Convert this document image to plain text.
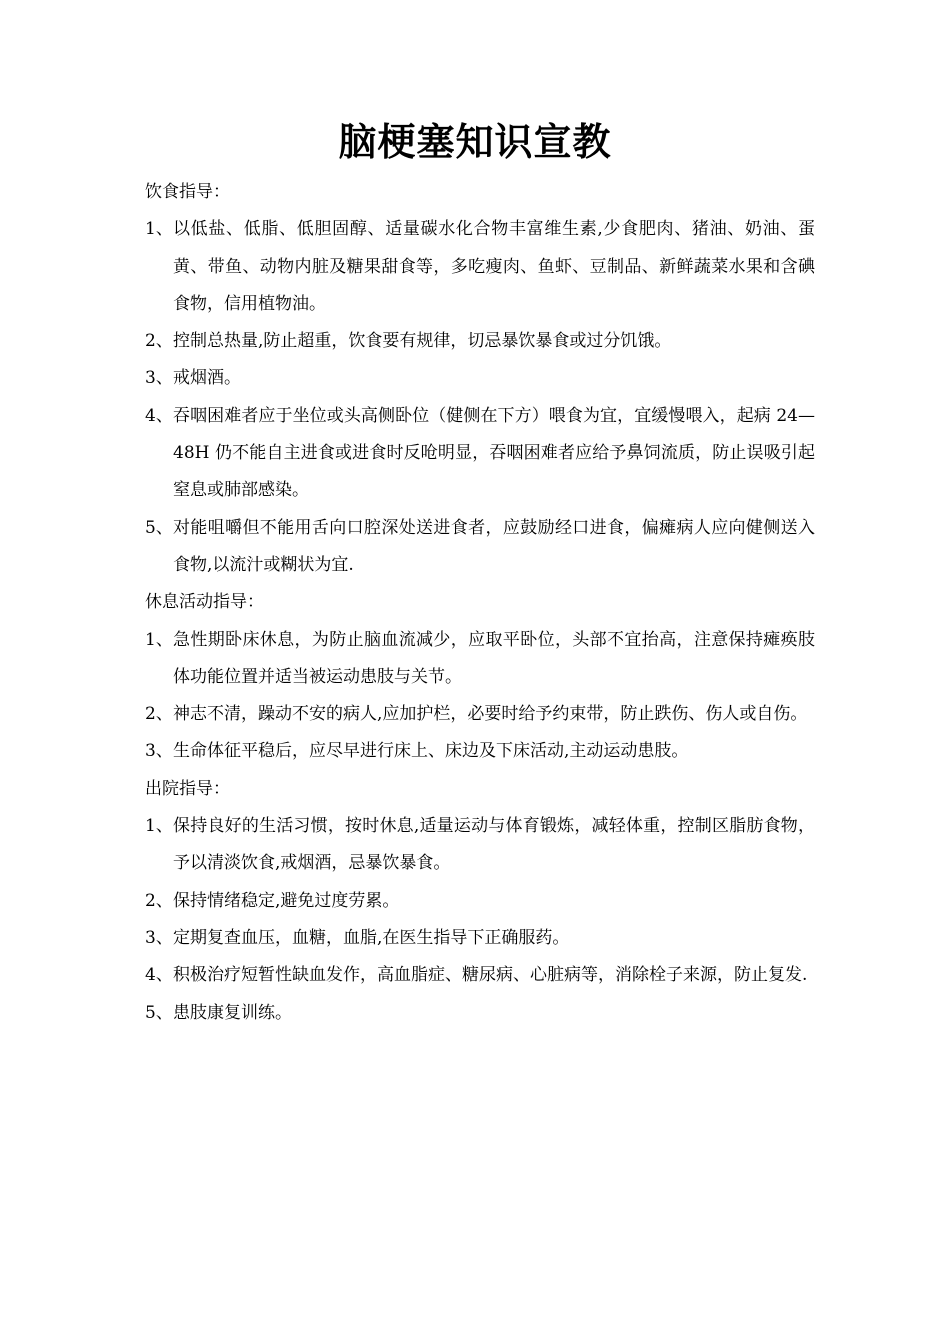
脑梗塞知识宣教

饮食指导：

1、 以低盐、低脂、低胆固醇、适量碳水化合物丰富维生素,少食肥肉、猪油、奶油、蛋黄、带鱼、动物内脏及糖果甜食等，多吃瘦肉、鱼虾、豆制品、新鲜蔬菜水果和含碘食物，信用植物油。
2、 控制总热量,防止超重，饮食要有规律，切忌暴饮暴食或过分饥饿。
3、 戒烟酒。
4、 吞咽困难者应于坐位或头高侧卧位（健侧在下方）喂食为宜，宜缓慢喂入，起病 24—48H 仍不能自主进食或进食时反呛明显，吞咽困难者应给予鼻饲流质，防止误吸引起窒息或肺部感染。
5、 对能咀嚼但不能用舌向口腔深处送进食者，应鼓励经口进食，偏瘫病人应向健侧送入食物,以流汁或糊状为宜.

休息活动指导：

1、 急性期卧床休息，为防止脑血流减少，应取平卧位，头部不宜抬高，注意保持瘫痪肢体功能位置并适当被运动患肢与关节。
2、 神志不清，躁动不安的病人,应加护栏，必要时给予约束带，防止跌伤、伤人或自伤。
3、 生命体征平稳后，应尽早进行床上、床边及下床活动,主动运动患肢。

出院指导：

1、 保持良好的生活习惯，按时休息,适量运动与体育锻炼，减轻体重，控制区脂肪食物，予以清淡饮食,戒烟酒，忌暴饮暴食。
2、 保持情绪稳定,避免过度劳累。
3、 定期复查血压，血糖，血脂,在医生指导下正确服药。
4、 积极治疗短暂性缺血发作，高血脂症、糖尿病、心脏病等，消除栓子来源，防止复发.
5、 患肢康复训练。
